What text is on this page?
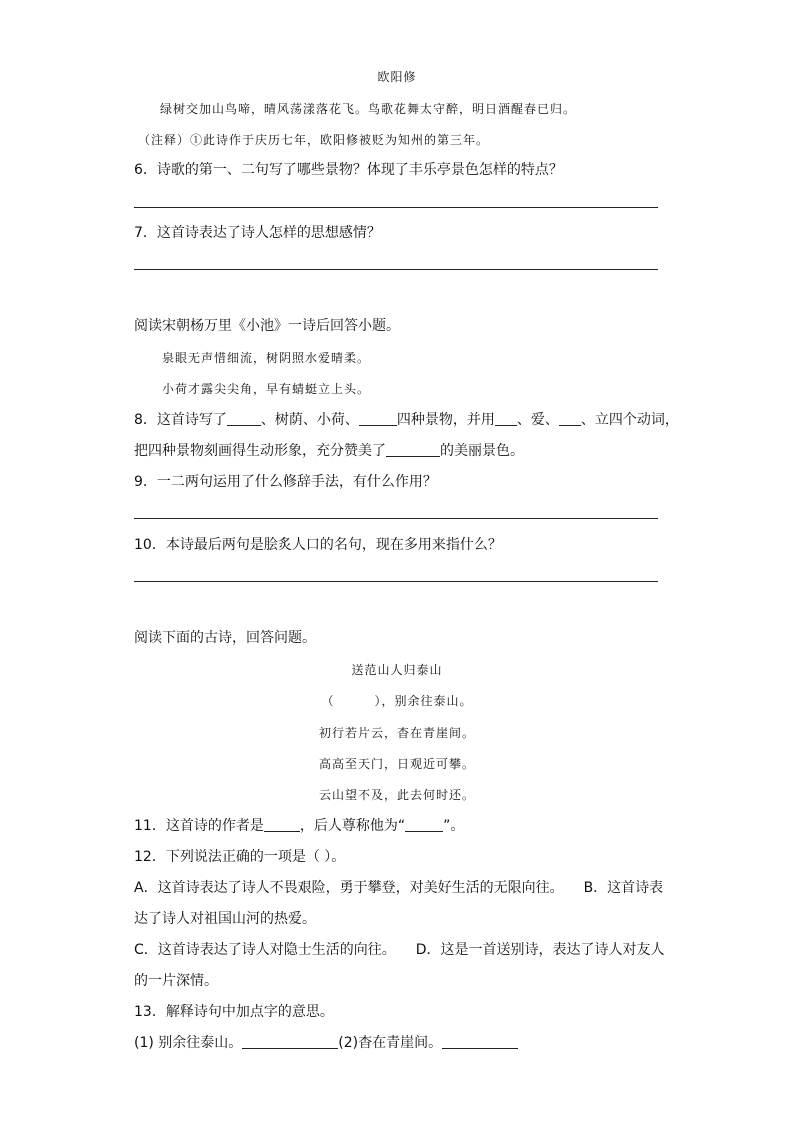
欧阳修
绿树交加山鸟啼，晴风荡漾落花飞。鸟歌花舞太守醉，明日酒醒春已归。
（注释）①此诗作于庆历七年，欧阳修被贬为知州的第三年。
6．诗歌的第一、二句写了哪些景物？体现了丰乐亭景色怎样的特点？
7．这首诗表达了诗人怎样的思想感情？
阅读宋朝杨万里《小池》一诗后回答小题。
泉眼无声惜细流，树阴照水爱晴柔。
小荷才露尖尖角，早有蜻蜓立上头。
8．这首诗写了 、树荫、小荷、	四种景物，并用 、爱、 、立四个动词，
把四种景物刻画得生动形象，充分赞美了	的美丽景色。
9．一二两句运用了什么修辞手法，有什么作用？
10．本诗最后两句是脍炙人口的名句，现在多用来指什么？
阅读下面的古诗，回答问题。
送范山人归泰山
（	），别余往泰山。
初行若片云，杳在青崖间。
高高至天门，日观近可攀。
云山望不及，此去何时还。
11．这首诗的作者是	，后人尊称他为“	”。
12．下列说法正确的一项是（ ）。
A．这首诗表达了诗人不畏艰险，勇于攀登，对美好生活的无限向往。 B．这首诗表
达了诗人对祖国山河的热爱。
C．这首诗表达了诗人对隐士生活的向往。 D．这是一首送别诗，表达了诗人对友人
的一片深情。
13．解释诗句中加点字的意思。
(1) 别余往泰山。	(2)杳在青崖间。
